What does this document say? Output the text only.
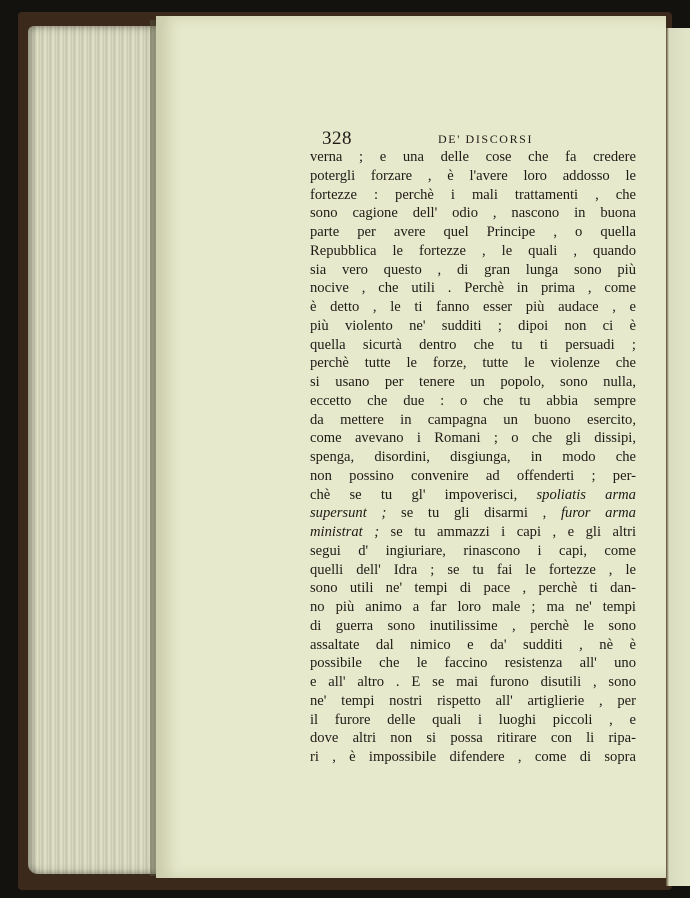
328	DE' DISCORSI
verna ; e una delle cose che fa credere
potergli forzare , è l'avere loro addosso le
fortezze : perchè i mali trattamenti , che
sono cagione dell' odio , nascono in buona
parte per avere quel Principe , o quella
Repubblica le fortezze , le quali , quando
sia vero questo , di gran lunga sono più
nocive , che utili . Perchè in prima , come
è detto , le ti fanno esser più audace , e
più violento ne' sudditi ; dipoi non ci è
quella sicurtà dentro che tu ti persuadi ;
perchè tutte le forze, tutte le violenze che
si usano per tenere un popolo, sono nulla,
eccetto che due : o che tu abbia sempre
da mettere in campagna un buono esercito,
come avevano i Romani ; o che gli dissipi,
spenga, disordini, disgiunga, in modo che
non possino convenire ad offenderti ; per-
chè se tu gl' impoverisci, spoliatis arma
supersunt ; se tu gli disarmi , furor arma
ministrat ; se tu ammazzi i capi , e gli altri
segui d' ingiuriare, rinascono i capi, come
quelli dell' Idra ; se tu fai le fortezze , le
sono utili ne' tempi di pace , perchè ti dan-
no più animo a far loro male ; ma ne' tempi
di guerra sono inutilissime , perchè le sono
assaltate dal nimico e da' sudditi , nè è
possibile che le faccino resistenza all' uno
e all' altro . E se mai furono disutili , sono
ne' tempi nostri rispetto all' artiglierie , per
il furore delle quali i luoghi piccoli , e
dove altri non si possa ritirare con li ripa-
ri , è impossibile difendere , come di sopra
